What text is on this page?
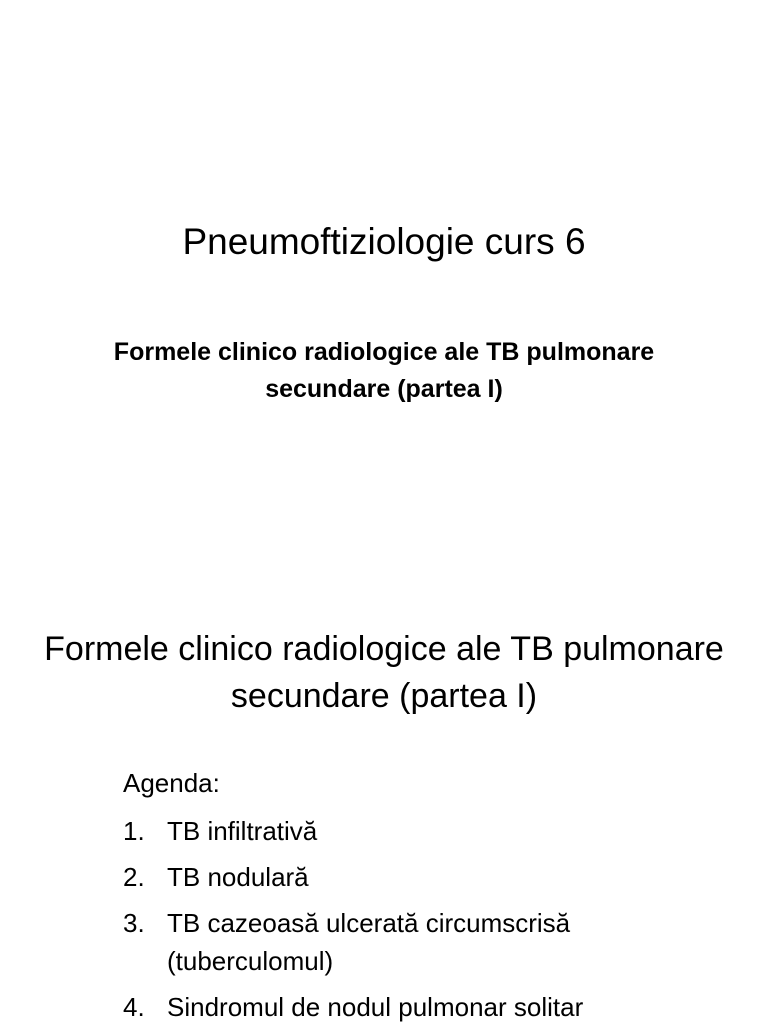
Pneumoftiziologie curs 6
Formele clinico radiologice ale TB pulmonare secundare (partea I)
Formele clinico radiologice ale TB pulmonare secundare (partea I)

Agenda:

1. TB infiltrativă
2. TB nodulară
3. TB cazeoasă ulcerată circumscrisă (tuberculomul)
4. Sindromul de nodul pulmonar solitar
